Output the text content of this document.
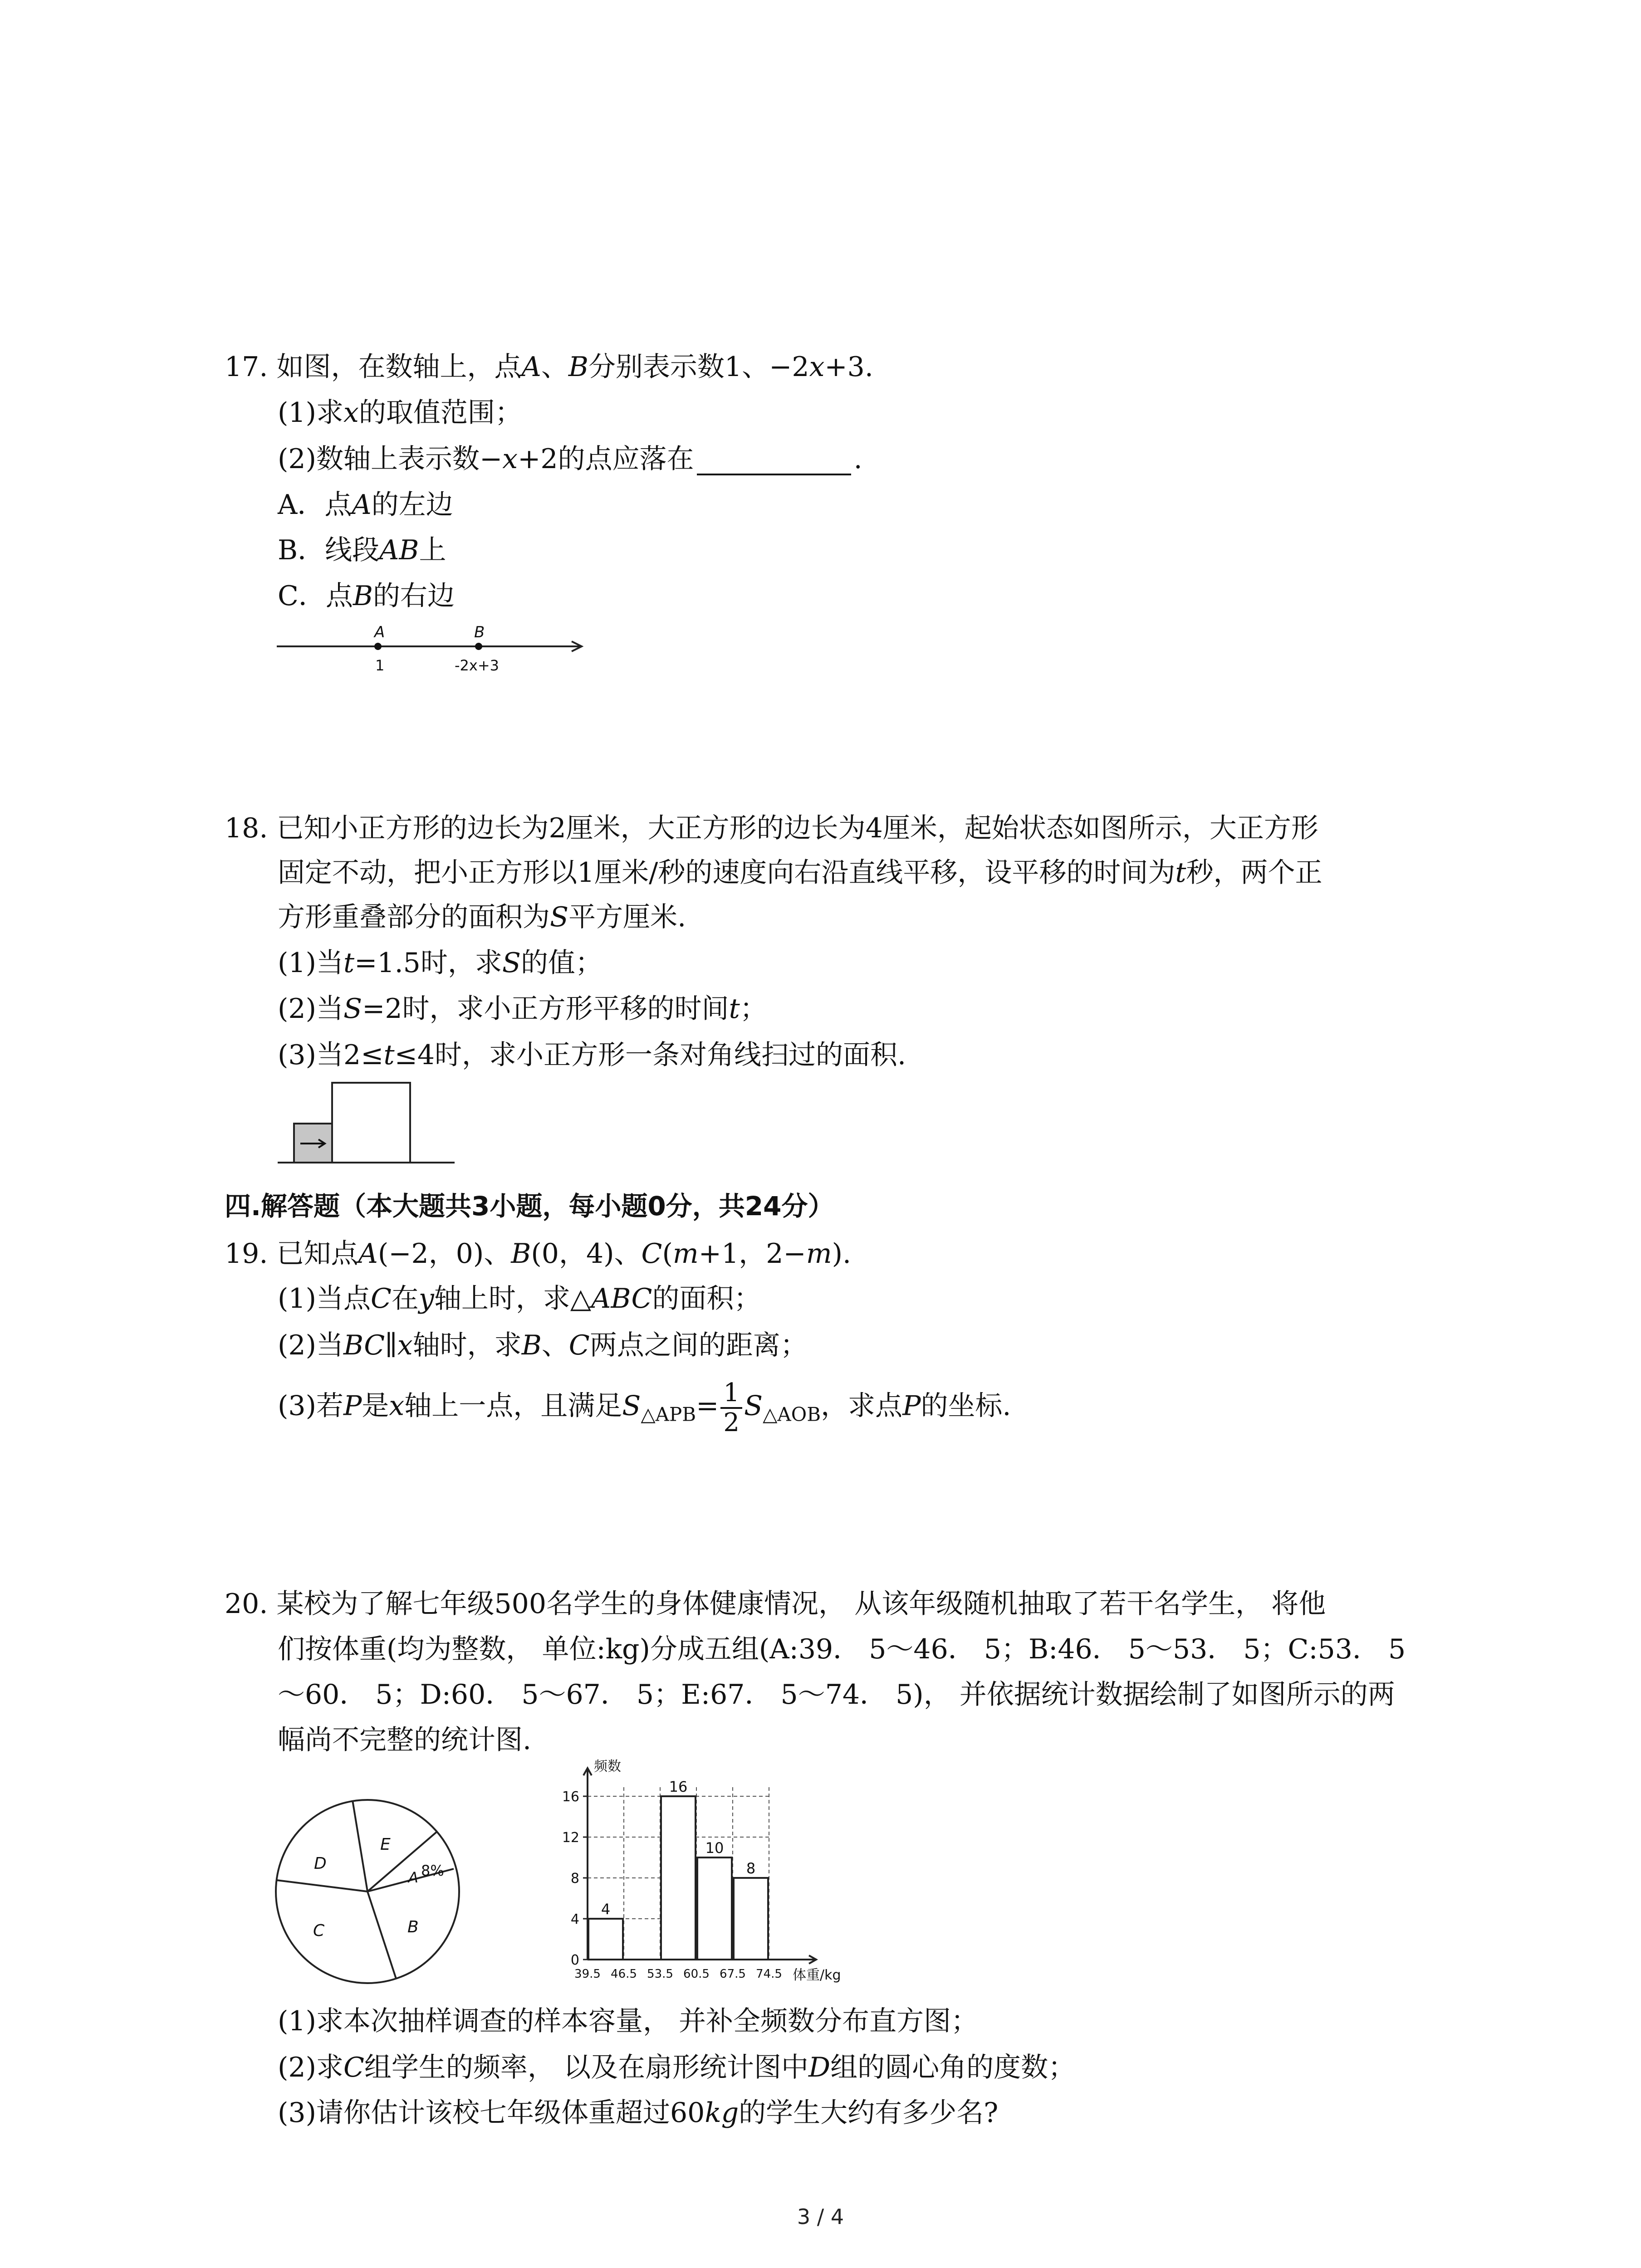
17. 如图，在数轴上，点A、B分别表示数1、−2x+3.
(1)求x的取值范围；
(2)数轴上表示数−x+2的点应落在	.
A．点A的左边
B．线段AB上
C．点B的右边
A	B
1	-2x+3
18. 已知小正方形的边长为2厘米，大正方形的边长为4厘米，起始状态如图所示，大正方形
固定不动，把小正方形以1厘米/秒的速度向右沿直线平移，设平移的时间为t秒，两个正
方形重叠部分的面积为S平方厘米.
(1)当t=1.5时，求S的值；
(2)当S=2时，求小正方形平移的时间t；
(3)当2≤t≤4时，求小正方形一条对角线扫过的面积.
四.解答题（本大题共3小题，每小题0分，共24分）
19. 已知点A(−2，0)、B(0，4)、C(m+1，2−m).
(1)当点C在y轴上时，求△ABC的面积；
(2)当BC∥x轴时，求B、C两点之间的距离；
(3)若P是x轴上一点，且满足$S_{\triangle APB}= \frac{1}{2} S_{\triangle AOB}$，求点P的坐标.
20. 某校为了解七年级500名学生的身体健康情况， 从该年级随机抽取了若干名学生， 将他
们按体重(均为整数， 单位:kg)分成五组(A:39． 5～46． 5；B:46． 5～53． 5；C:53． 5
～60． 5；D:60． 5～67． 5；E:67． 5～74． 5)， 并依据统计数据绘制了如图所示的两
幅尚不完整的统计图.
D
E
A 8%
B
C
0
4
8
12
16
频数
体重/kg
39.5 46.5 53.5 60.5 67.5 74.5
4
16
10
8
(1)求本次抽样调查的样本容量， 并补全频数分布直方图；
(2)求C组学生的频率， 以及在扇形统计图中D组的圆心角的度数；
(3)请你估计该校七年级体重超过60kg的学生大约有多少名?
3 / 4
